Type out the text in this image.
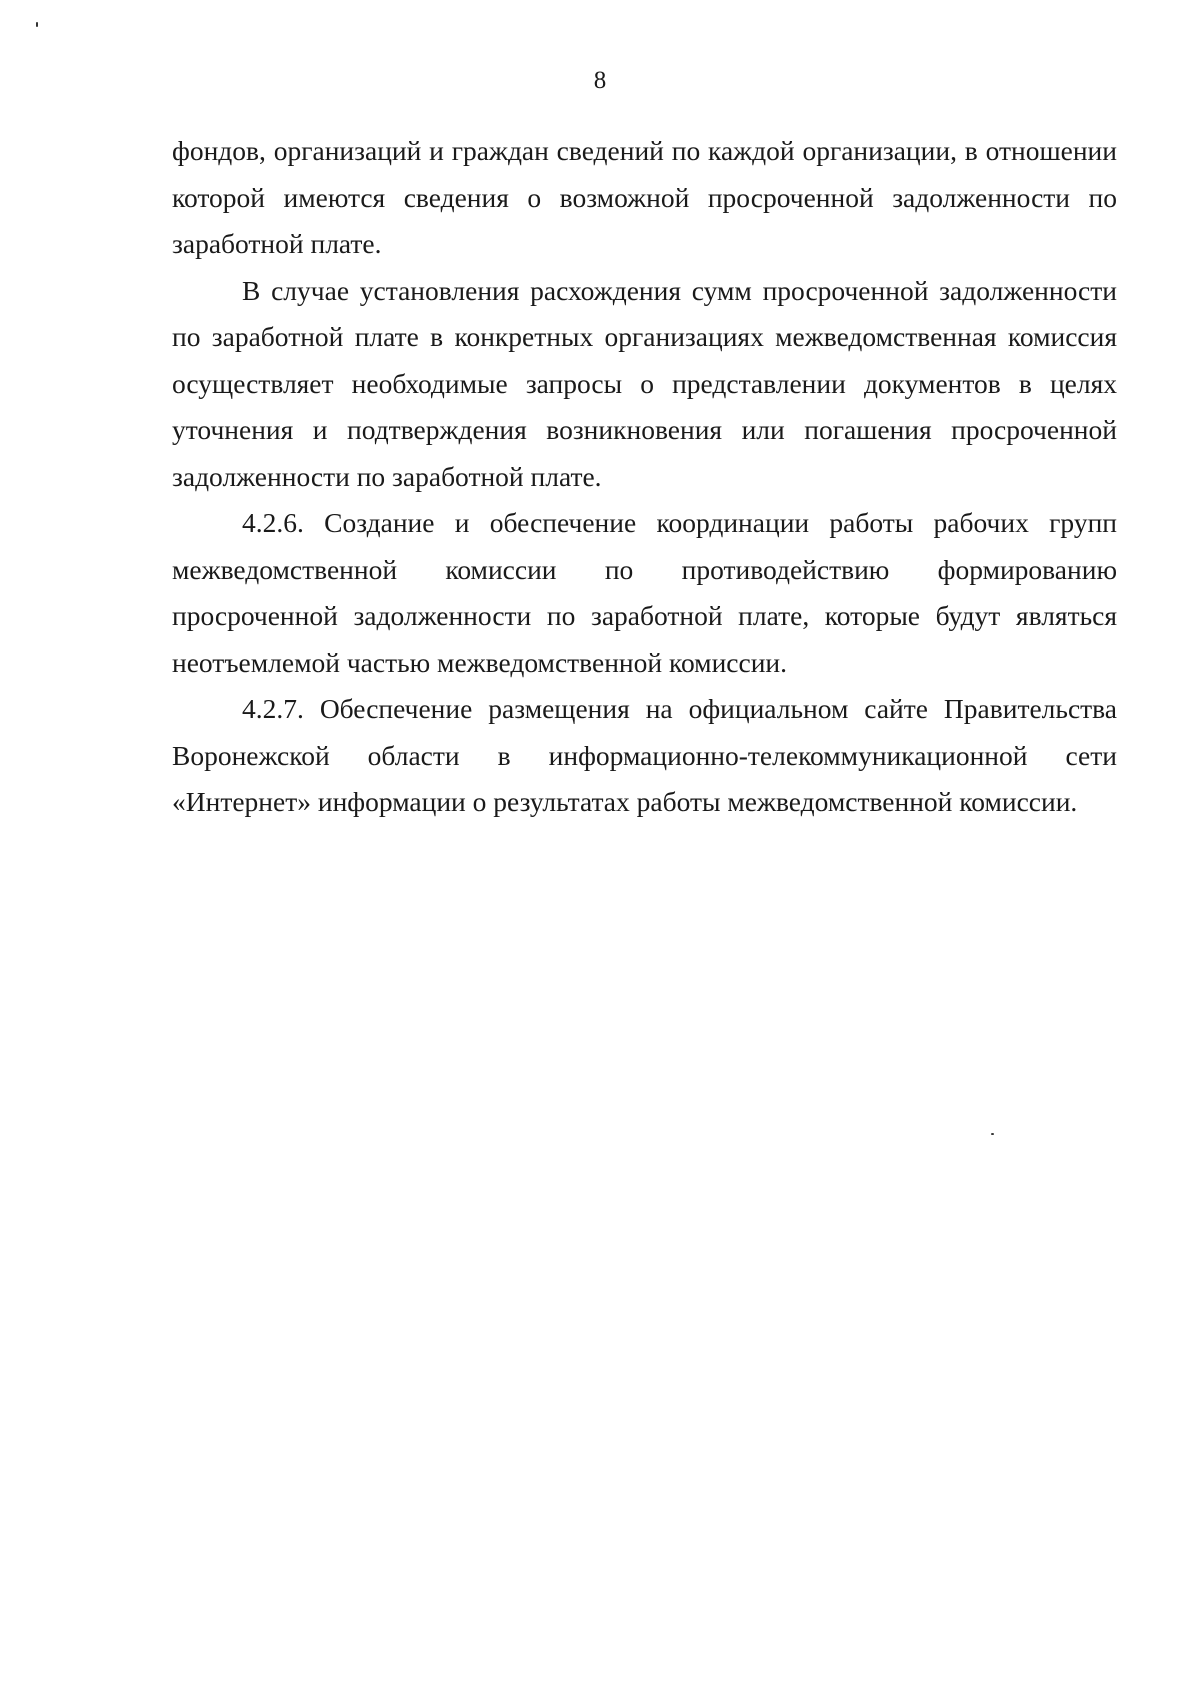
8

фондов, организаций и граждан сведений по каждой организации, в отношении которой имеются сведения о возможной просроченной задолженности по заработной плате.

В случае установления расхождения сумм просроченной задолженности по заработной плате в конкретных организациях межведомственная комиссия осуществляет необходимые запросы о представлении документов в целях уточнения и подтверждения возникновения или погашения просроченной задолженности по заработной плате.

4.2.6. Создание и обеспечение координации работы рабочих групп межведомственной комиссии по противодействию формированию просроченной задолженности по заработной плате, которые будут являться неотъемлемой частью межведомственной комиссии.

4.2.7. Обеспечение размещения на официальном сайте Правительства Воронежской области в информационно-телекоммуникационной сети «Интернет» информации о результатах работы межведомственной комиссии.
